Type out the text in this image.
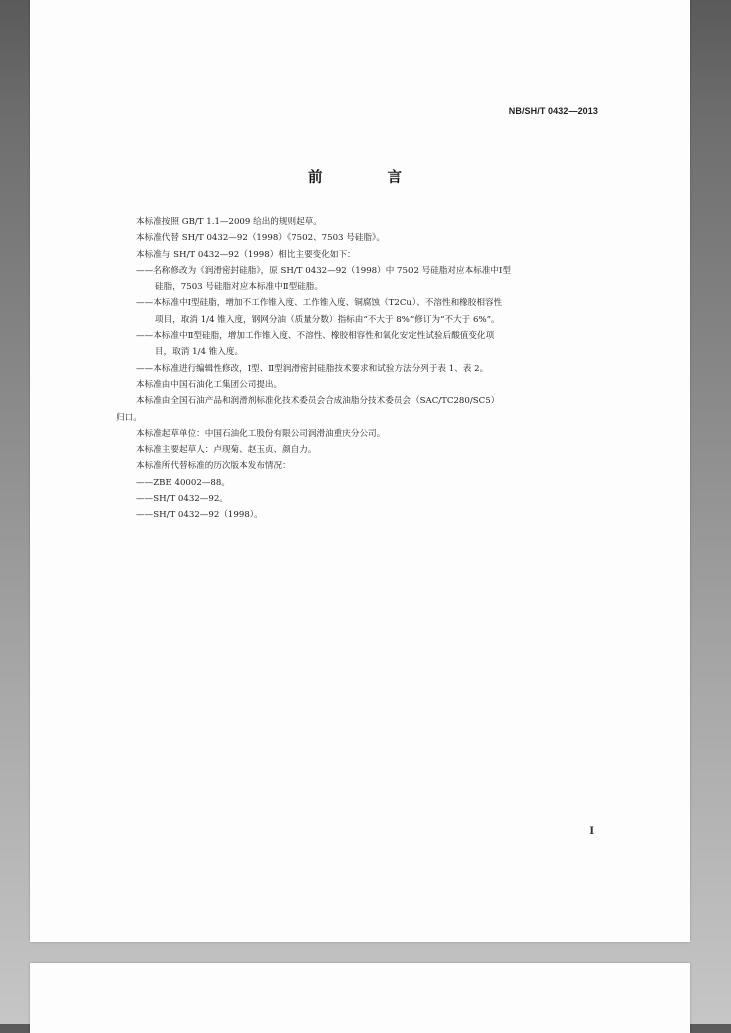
NB/SH/T 0432—2013
前 言

本标准按照 GB/T 1.1—2009 给出的规则起草。

本标准代替 SH/T 0432—92（1998）《7502、7503 号硅脂》。

本标准与 SH/T 0432—92（1998）相比主要变化如下：

——名称修改为《润滑密封硅脂》，原 SH/T 0432—92（1998）中 7502 号硅脂对应本标准中Ⅰ型

硅脂，7503 号硅脂对应本标准中Ⅱ型硅脂。

——本标准中Ⅰ型硅脂，增加不工作锥入度、工作锥入度、铜腐蚀（T2Cu）、不溶性和橡胶相容性

项目，取消 1/4 锥入度，钢网分油（质量分数）指标由“不大于 8%”修订为“不大于 6%”。

——本标准中Ⅱ型硅脂，增加工作锥入度、不溶性、橡胶相容性和氧化安定性试验后酸值变化项

目，取消 1/4 锥入度。

——本标准进行编辑性修改，Ⅰ型、Ⅱ型润滑密封硅脂技术要求和试验方法分列于表 1、表 2。

本标准由中国石油化工集团公司提出。

本标准由全国石油产品和润滑剂标准化技术委员会合成油脂分技术委员会（SAC/TC280/SC5）

归口。

本标准起草单位：中国石油化工股份有限公司润滑油重庆分公司。

本标准主要起草人：卢现菊、赵玉贞、颜自力。

本标准所代替标准的历次版本发布情况：

——ZBE 40002—88。

——SH/T 0432—92。

——SH/T 0432—92（1998）。

I
